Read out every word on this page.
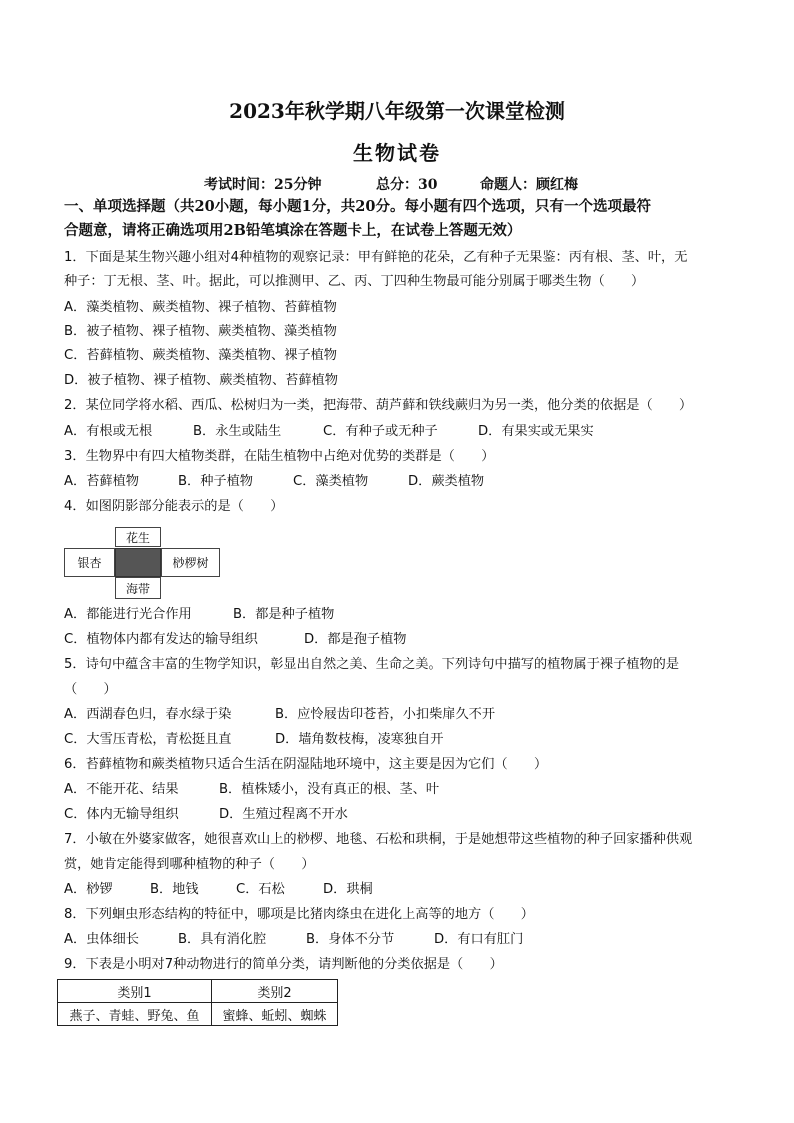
2023年秋学期八年级第一次课堂检测
生物试卷
考试时间：25分钟	总分：30	命题人：顾红梅
一、单项选择题（共20小题，每小题1分，共20分。每小题有四个选项，只有一个选项最符
合题意，请将正确选项用2B铅笔填涂在答题卡上，在试卷上答题无效）
1．下面是某生物兴趣小组对4种植物的观察记录：甲有鲜艳的花朵，乙有种子无果鉴：丙有根、茎、叶，无
种子：丁无根、茎、叶。据此，可以推测甲、乙、丙、丁四种生物最可能分别属于哪类生物（　　）
A．藻类植物、蕨类植物、裸子植物、苔藓植物
B．被子植物、裸子植物、蕨类植物、藻类植物
C．苔藓植物、蕨类植物、藻类植物、裸子植物
D．被子植物、裸子植物、蕨类植物、苔藓植物
2．某位同学将水稻、西瓜、松树归为一类，把海带、葫芦藓和铁线蕨归为另一类，他分类的依据是（　　）
A．有根或无根	B．永生或陆生	C．有种子或无种子	D．有果实或无果实
3．生物界中有四大植物类群，在陆生植物中占绝对优势的类群是（　　）
A．苔藓植物	B．种子植物	C．藻类植物	D．蕨类植物
4．如图阴影部分能表示的是（　　）
花生
银杏	桫椤树
海带
A．都能进行光合作用	B．都是种子植物
C．植物体内都有发达的输导组织	D．都是孢子植物
5．诗句中蕴含丰富的生物学知识，彰显出自然之美、生命之美。下列诗句中描写的植物属于裸子植物的是
（　　）
A．西湖春色归，春水绿于染	B．应怜屐齿印苍苔，小扣柴扉久不开
C．大雪压青松，青松挺且直	D．墙角数枝梅，凌寒独自开
6．苔藓植物和蕨类植物只适合生活在阴湿陆地环境中，这主要是因为它们（　　）
A．不能开花、结果	B．植株矮小，没有真正的根、茎、叶
C．体内无输导组织	D．生殖过程离不开水
7．小敏在外婆家做客，她很喜欢山上的桫椤、地毯、石松和珙桐，于是她想带这些植物的种子回家播种供观
赏，她肯定能得到哪种植物的种子（　　）
A．桫锣	B．地钱	C．石松	D．珙桐
8．下列蛔虫形态结构的特征中，哪项是比猪肉绦虫在进化上高等的地方（　　）
A．虫体细长	B．具有消化腔	B．身体不分节	D．有口有肛门
9．下表是小明对7种动物进行的简单分类，请判断他的分类依据是（　　）
类别1	类别2
燕子、青蛙、野兔、鱼	蜜蜂、蚯蚓、蜘蛛
